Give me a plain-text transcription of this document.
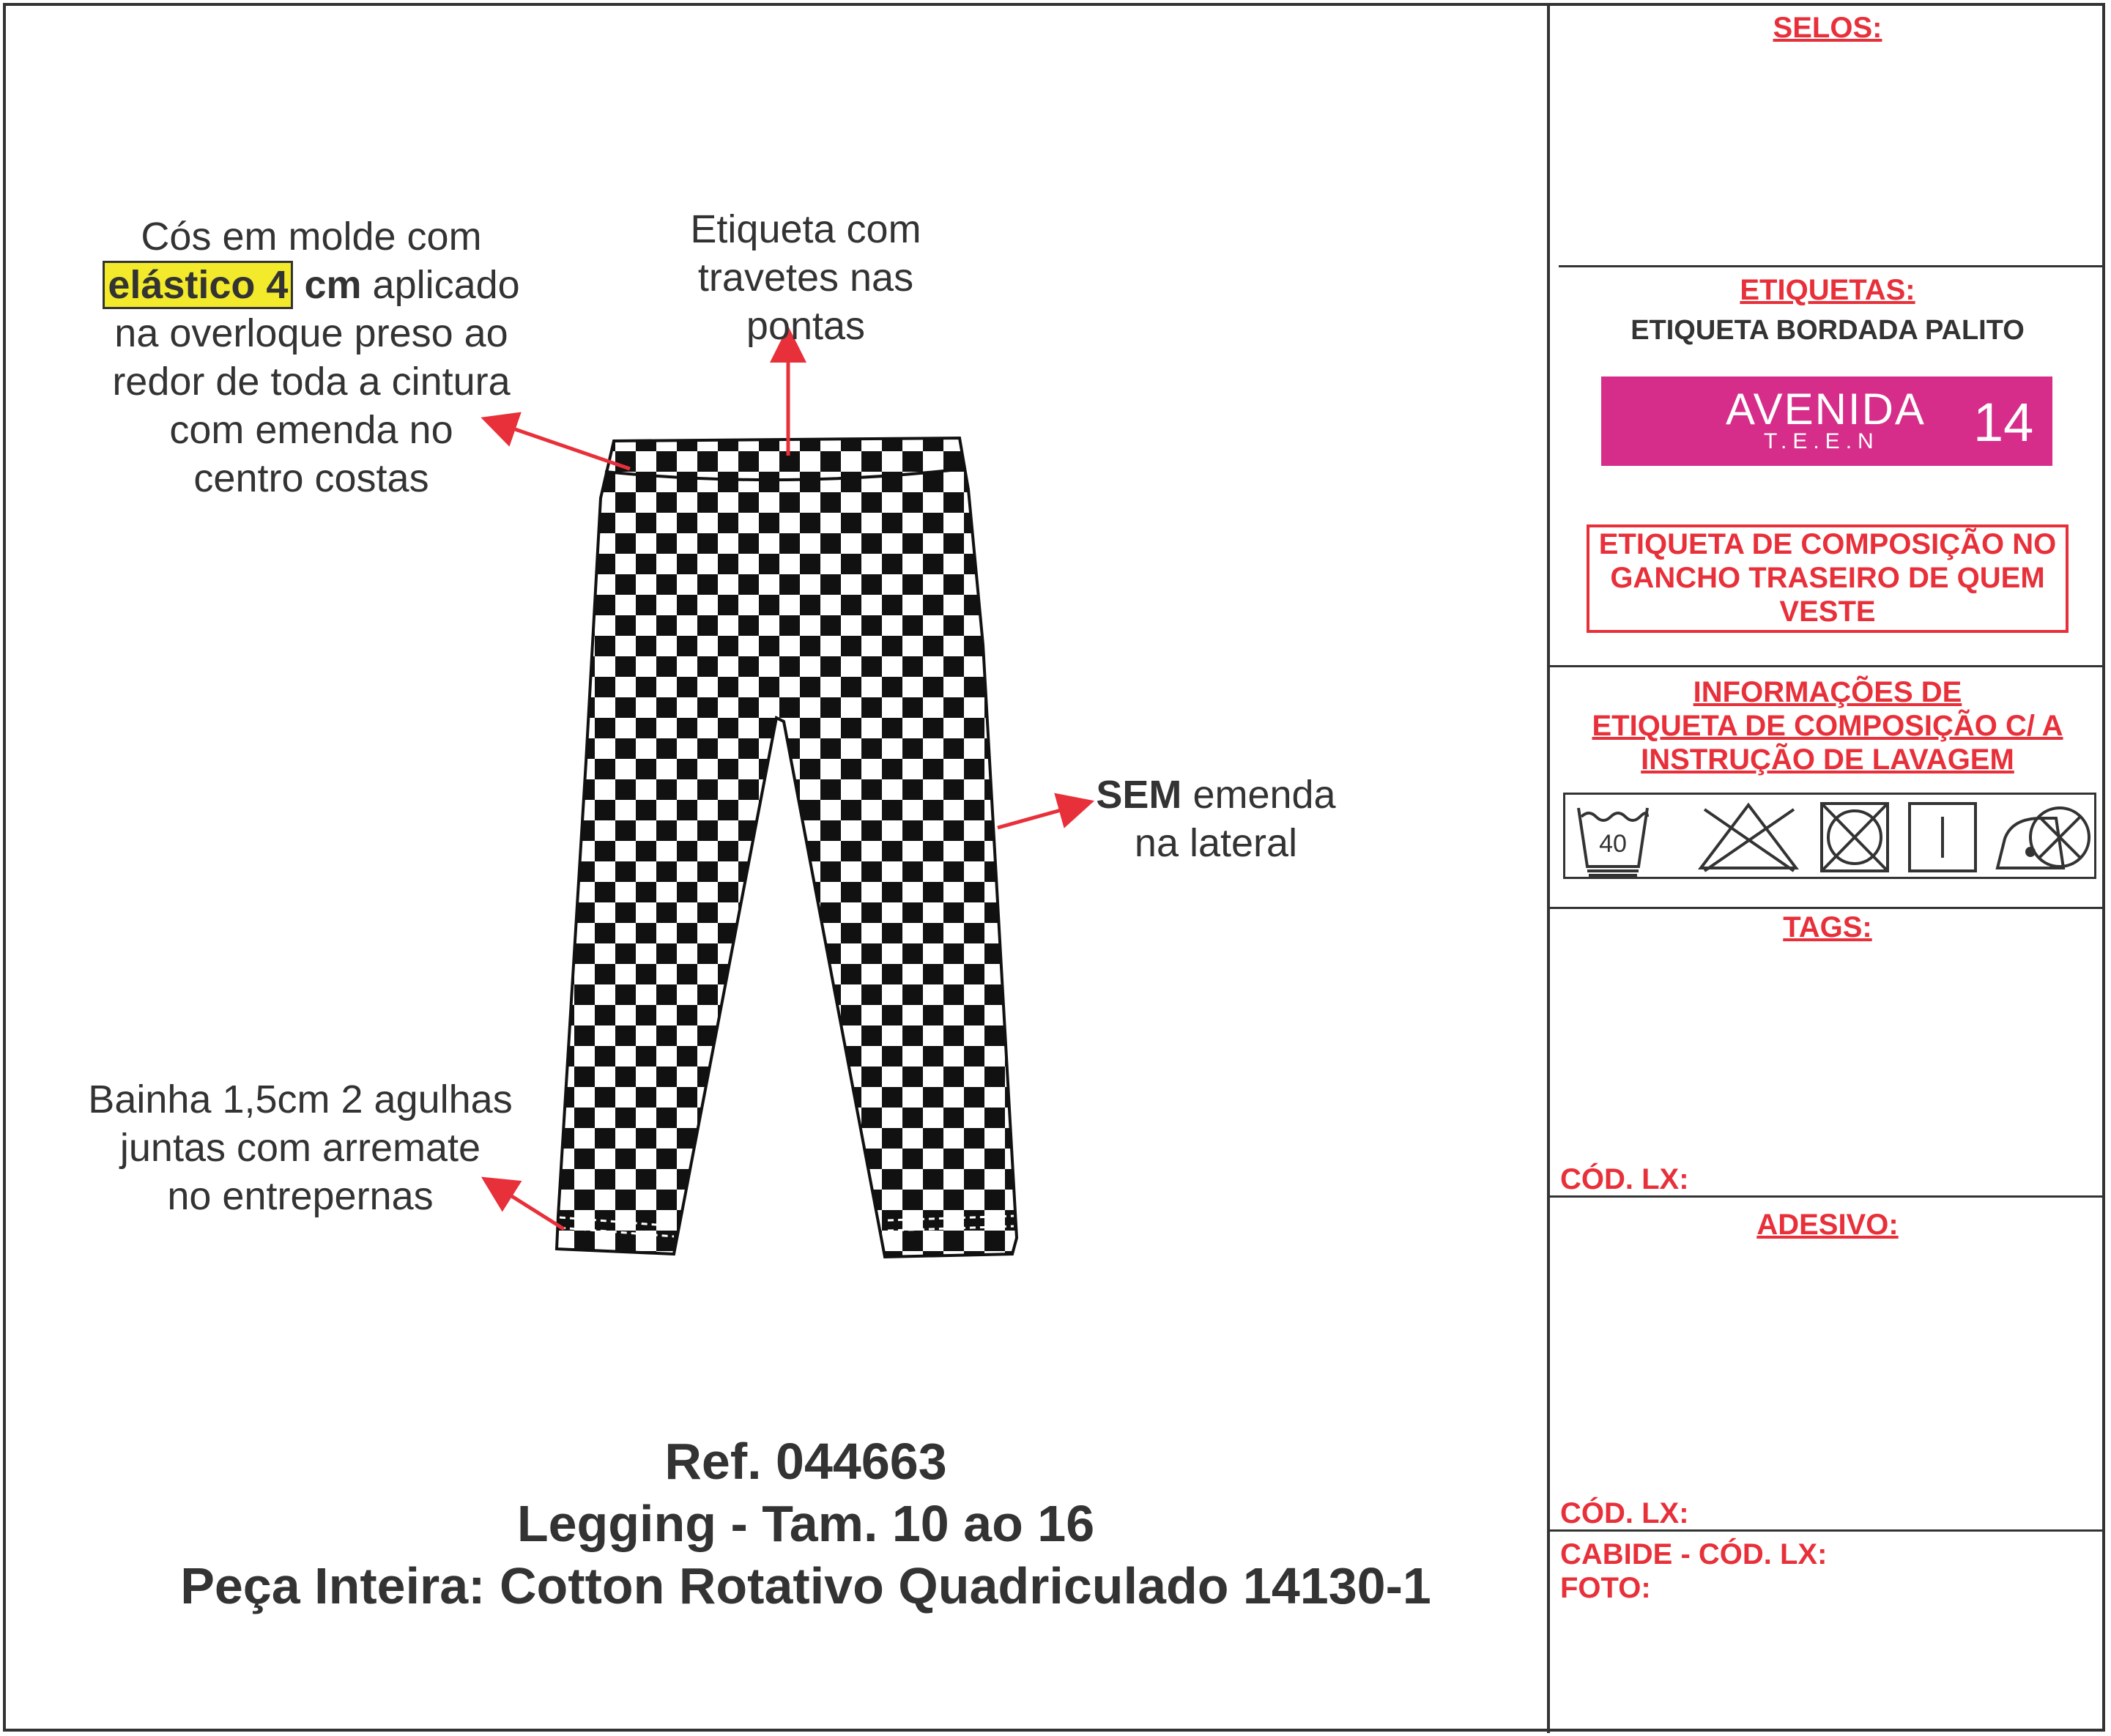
Cós em molde com
elástico 4 cm aplicado
na overloque preso ao
redor de toda a cintura
com emenda no
centro costas
Etiqueta com
travetes nas
pontas
SEM emenda
na lateral
Bainha 1,5cm 2 agulhas
juntas com arremate
no entrepernas
Ref. 044663
Legging - Tam. 10 ao 16
Peça Inteira: Cotton Rotativo Quadriculado 14130-1
SELOS:
ETIQUETAS:
ETIQUETA BORDADA PALITO
AVENIDA
T.E.E.N 14
ETIQUETA DE COMPOSIÇÃO NO
GANCHO TRASEIRO DE QUEM
VESTE
INFORMAÇÕES DE
ETIQUETA DE COMPOSIÇÃO C/ A
INSTRUÇÃO DE LAVAGEM
40
TAGS:
CÓD. LX:
ADESIVO:
CÓD. LX:
CABIDE - CÓD. LX:
FOTO:
